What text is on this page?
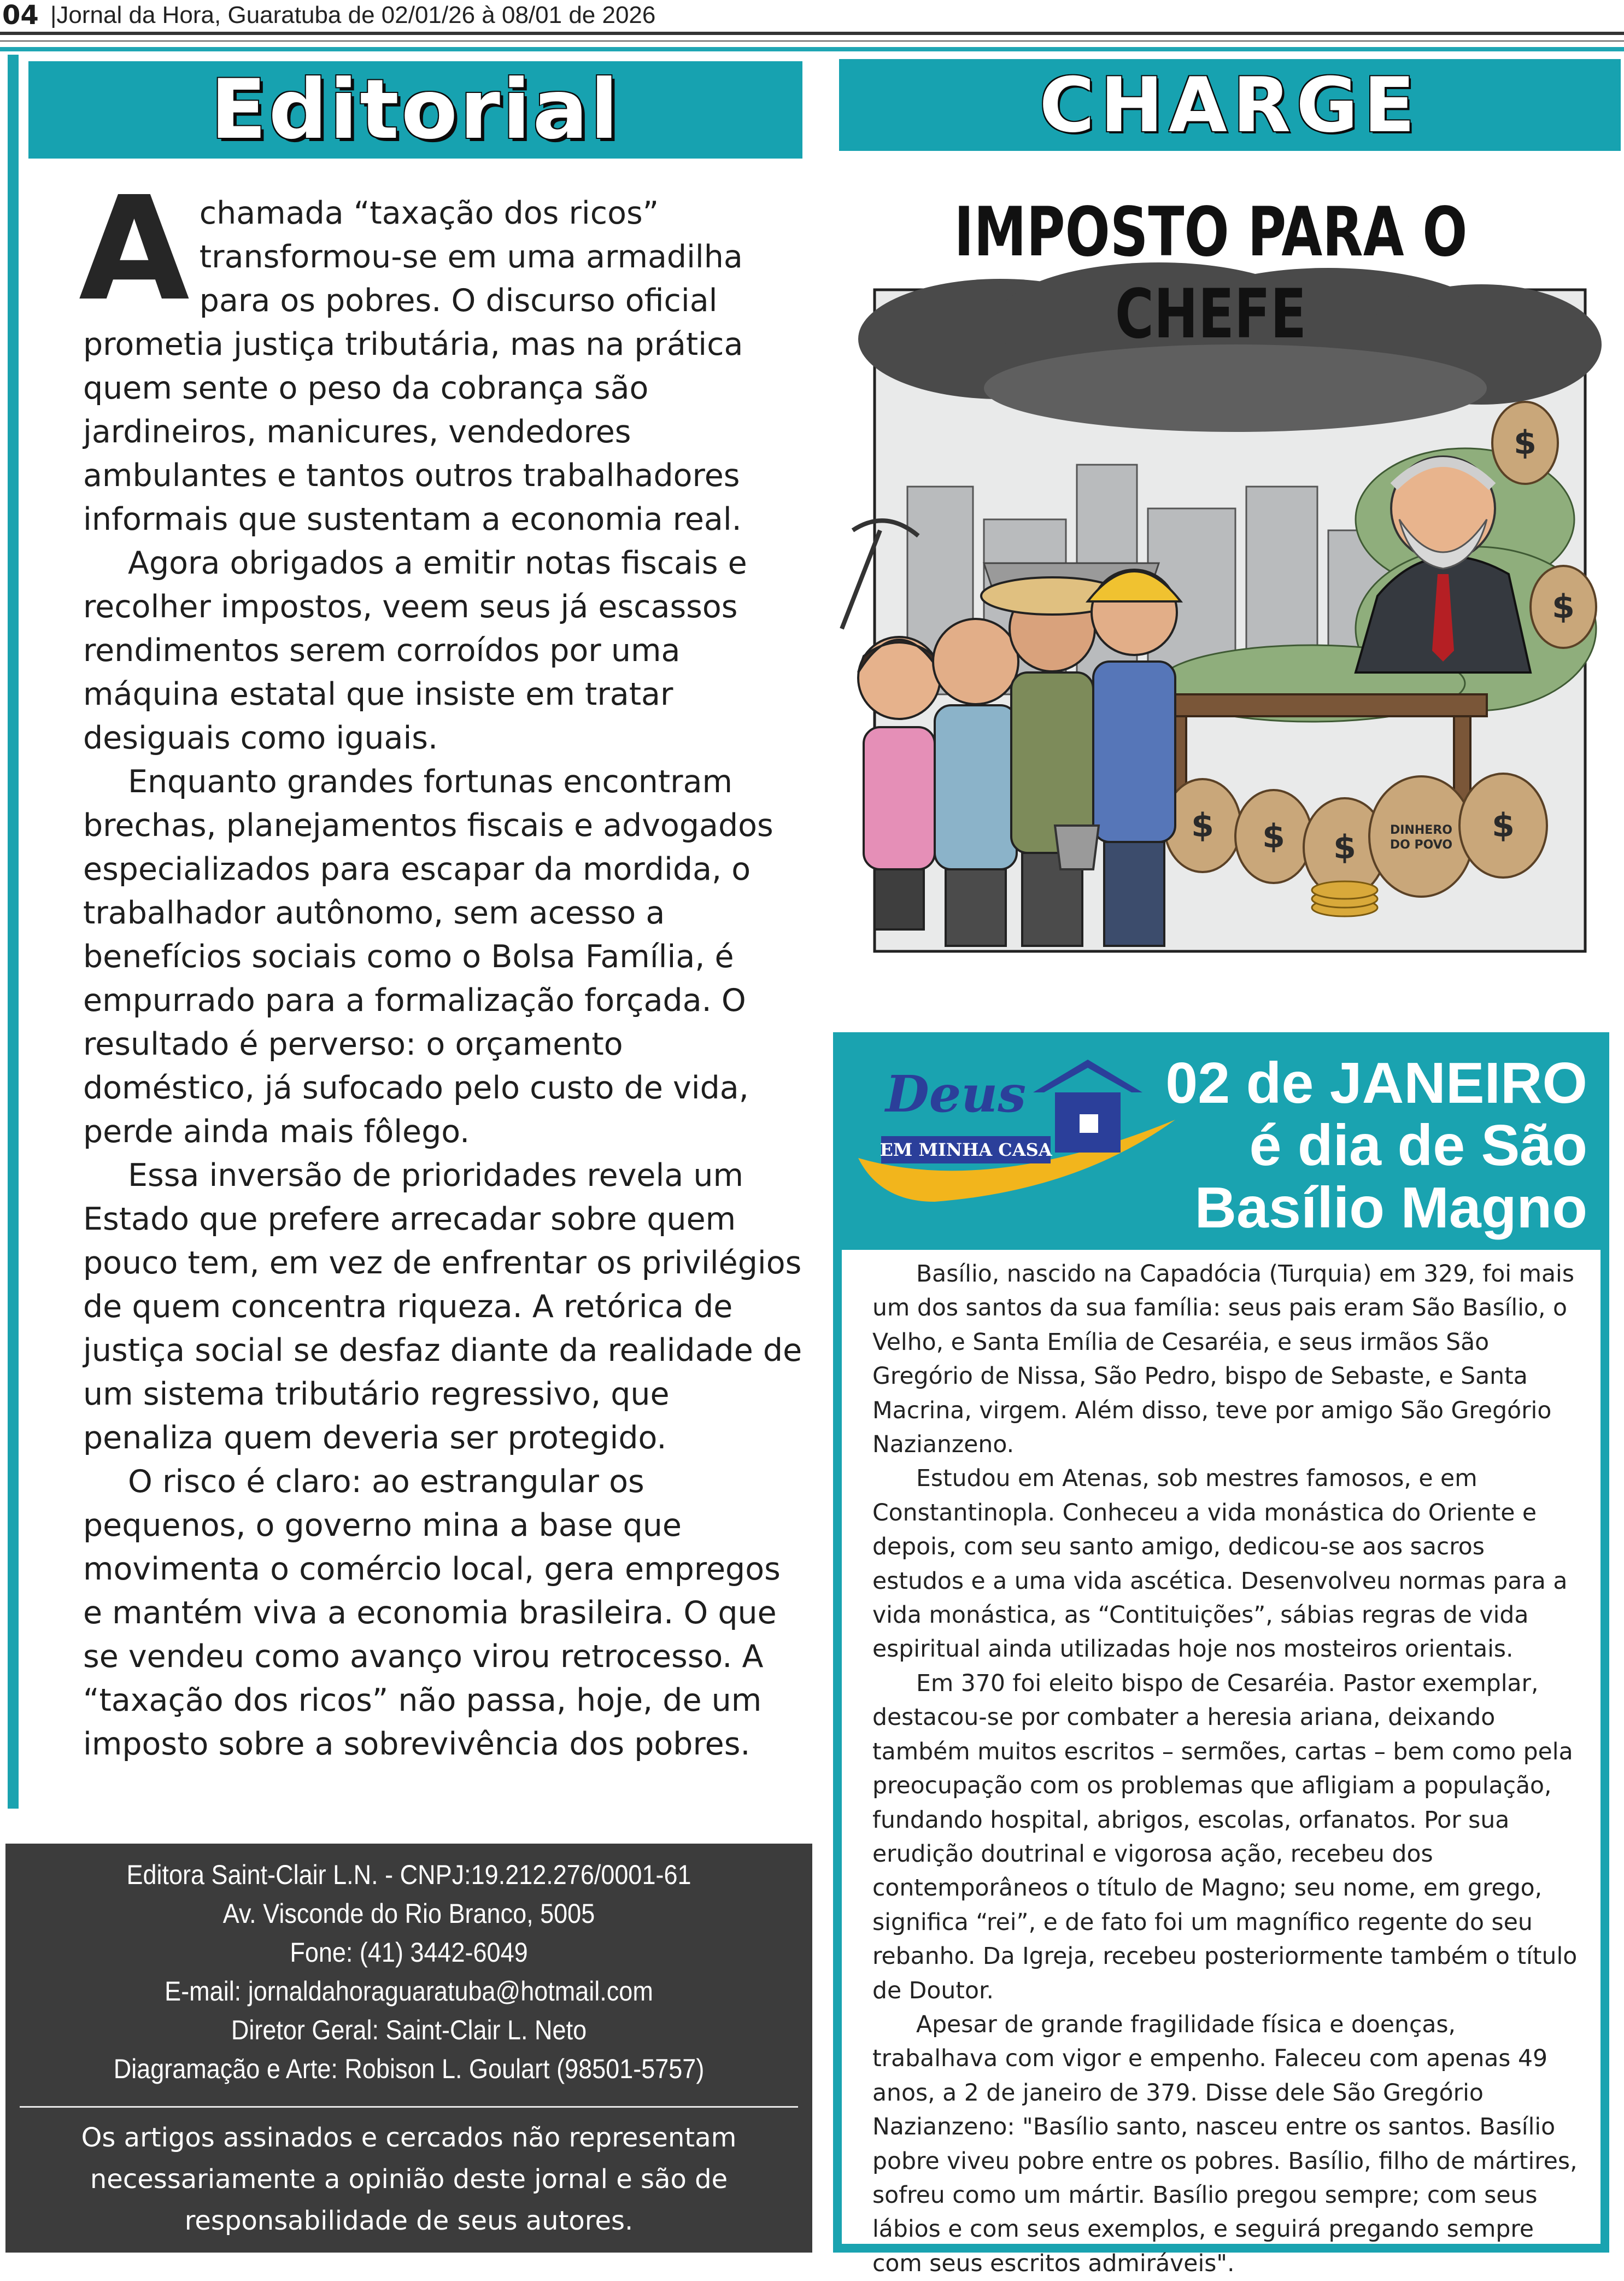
04 |Jornal da Hora, Guaratuba de 02/01/26 à 08/01 de 2026
Editorial

Achamada “taxação dos ricos” transformou-se em uma armadilha para os pobres. O discurso oficial prometia justiça tributária, mas na prática quem sente o peso da cobrança são jardineiros, manicures, vendedores ambulantes e tantos outros trabalhadores informais que sustentam a economia real.

Agora obrigados a emitir notas fiscais e recolher impostos, veem seus já escassos rendimentos serem corroídos por uma máquina estatal que insiste em tratar desiguais como iguais.

Enquanto grandes fortunas encontram brechas, planejamentos fiscais e advogados especializados para escapar da mordida, o trabalhador autônomo, sem acesso a benefícios sociais como o Bolsa Família, é empurrado para a formalização forçada. O resultado é perverso: o orçamento doméstico, já sufocado pelo custo de vida, perde ainda mais fôlego.

Essa inversão de prioridades revela um Estado que prefere arrecadar sobre quem pouco tem, em vez de enfrentar os privilégios de quem concentra riqueza. A retórica de justiça social se desfaz diante da realidade de um sistema tributário regressivo, que penaliza quem deveria ser protegido.

O risco é claro: ao estrangular os pequenos, o governo mina a base que movimenta o comércio local, gera empregos e mantém viva a economia brasileira. O que se vendeu como avanço virou retrocesso. A “taxação dos ricos” não passa, hoje, de um imposto sobre a sobrevivência dos pobres.

Editora Saint-Clair L.N. - CNPJ:19.212.276/0001-61
Av. Visconde do Rio Branco, 5005
Fone: (41) 3442-6049
E-mail: jornaldahoraguaratuba@hotmail.com
Diretor Geral: Saint-Clair L. Neto
Diagramação e Arte: Robison L. Goulart (98501-5757)
Os artigos assinados e cercados não representam necessariamente a opinião deste jornal e são de responsabilidade de seus autores.
CHARGE
$ $ $
$
$
$
DINHERO
DO POVO
IMPOSTO PARA O CHEFE
Deus
EM MINHA CASA
02 de JANEIRO
é dia de São
Basílio Magno

Basílio, nascido na Capadócia (Turquia) em 329, foi mais um dos santos da sua família: seus pais eram São Basílio, o Velho, e Santa Emília de Cesaréia, e seus irmãos São Gregório de Nissa, São Pedro, bispo de Sebaste, e Santa Macrina, virgem. Além disso, teve por amigo São Gregório Nazianzeno.

Estudou em Atenas, sob mestres famosos, e em Constantinopla. Conheceu a vida monástica do Oriente e depois, com seu santo amigo, dedicou-se aos sacros estudos e a uma vida ascética. Desenvolveu normas para a vida monástica, as “Contituições”, sábias regras de vida espiritual ainda utilizadas hoje nos mosteiros orientais.

Em 370 foi eleito bispo de Cesaréia. Pastor exemplar, destacou-se por combater a heresia ariana, deixando também muitos escritos – sermões, cartas – bem como pela preocupação com os problemas que afligiam a população, fundando hospital, abrigos, escolas, orfanatos. Por sua erudição doutrinal e vigorosa ação, recebeu dos contemporâneos o título de Magno; seu nome, em grego, significa “rei”, e de fato foi um magnífico regente do seu rebanho. Da Igreja, recebeu posteriormente também o título de Doutor.

Apesar de grande fragilidade física e doenças, trabalhava com vigor e empenho. Faleceu com apenas 49 anos, a 2 de janeiro de 379. Disse dele São Gregório Nazianzeno: "Basílio santo, nasceu entre os santos. Basílio pobre viveu pobre entre os pobres. Basílio, filho de mártires, sofreu como um mártir. Basílio pregou sempre; com seus lábios e com seus exemplos, e seguirá pregando sempre com seus escritos admiráveis".
